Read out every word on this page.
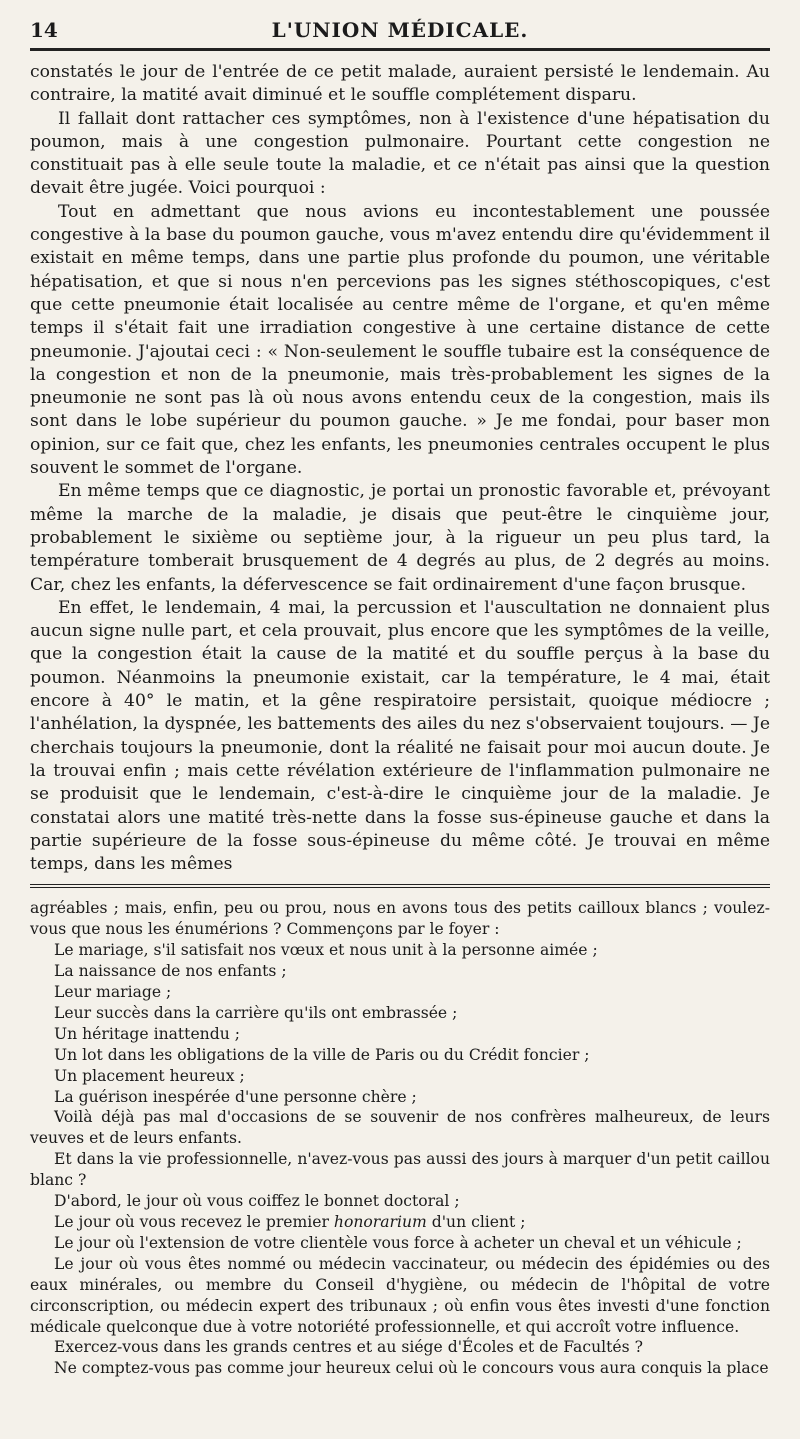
14	L'UNION MÉDICALE.

constatés le jour de l'entrée de ce petit malade, auraient persisté le lendemain. Au contraire, la matité avait diminué et le souffle complétement disparu.

Il fallait dont rattacher ces symptômes, non à l'existence d'une hépatisation du poumon, mais à une congestion pulmonaire. Pourtant cette congestion ne constituait pas à elle seule toute la maladie, et ce n'était pas ainsi que la question devait être jugée. Voici pourquoi :

Tout en admettant que nous avions eu incontestablement une poussée congestive à la base du poumon gauche, vous m'avez entendu dire qu'évidemment il existait en même temps, dans une partie plus profonde du poumon, une véritable hépatisation, et que si nous n'en percevions pas les signes stéthoscopiques, c'est que cette pneumonie était localisée au centre même de l'organe, et qu'en même temps il s'était fait une irradiation congestive à une certaine distance de cette pneumonie. J'ajoutai ceci : « Non-seulement le souffle tubaire est la conséquence de la congestion et non de la pneumonie, mais très-probablement les signes de la pneumonie ne sont pas là où nous avons entendu ceux de la congestion, mais ils sont dans le lobe supérieur du poumon gauche. » Je me fondai, pour baser mon opinion, sur ce fait que, chez les enfants, les pneumonies centrales occupent le plus souvent le sommet de l'organe.

En même temps que ce diagnostic, je portai un pronostic favorable et, prévoyant même la marche de la maladie, je disais que peut-être le cinquième jour, probablement le sixième ou septième jour, à la rigueur un peu plus tard, la température tomberait brusquement de 4 degrés au plus, de 2 degrés au moins. Car, chez les enfants, la défervescence se fait ordinairement d'une façon brusque.

En effet, le lendemain, 4 mai, la percussion et l'auscultation ne donnaient plus aucun signe nulle part, et cela prouvait, plus encore que les symptômes de la veille, que la congestion était la cause de la matité et du souffle perçus à la base du poumon. Néanmoins la pneumonie existait, car la température, le 4 mai, était encore à 40° le matin, et la gêne respiratoire persistait, quoique médiocre ; l'anhélation, la dyspnée, les battements des ailes du nez s'observaient toujours. — Je cherchais toujours la pneumonie, dont la réalité ne faisait pour moi aucun doute. Je la trouvai enfin ; mais cette révélation extérieure de l'inflammation pulmonaire ne se produisit que le lendemain, c'est-à-dire le cinquième jour de la maladie. Je constatai alors une matité très-nette dans la fosse sus-épineuse gauche et dans la partie supérieure de la fosse sous-épineuse du même côté. Je trouvai en même temps, dans les mêmes

agréables ; mais, enfin, peu ou prou, nous en avons tous des petits cailloux blancs ; voulez-vous que nous les énumérions ? Commençons par le foyer :

Le mariage, s'il satisfait nos vœux et nous unit à la personne aimée ;

La naissance de nos enfants ;

Leur mariage ;

Leur succès dans la carrière qu'ils ont embrassée ;

Un héritage inattendu ;

Un lot dans les obligations de la ville de Paris ou du Crédit foncier ;

Un placement heureux ;

La guérison inespérée d'une personne chère ;

Voilà déjà pas mal d'occasions de se souvenir de nos confrères malheureux, de leurs veuves et de leurs enfants.

Et dans la vie professionnelle, n'avez-vous pas aussi des jours à marquer d'un petit caillou blanc ?

D'abord, le jour où vous coiffez le bonnet doctoral ;

Le jour où vous recevez le premier honorarium d'un client ;

Le jour où l'extension de votre clientèle vous force à acheter un cheval et un véhicule ;

Le jour où vous êtes nommé ou médecin vaccinateur, ou médecin des épidémies ou des eaux minérales, ou membre du Conseil d'hygiène, ou médecin de l'hôpital de votre circonscription, ou médecin expert des tribunaux ; où enfin vous êtes investi d'une fonction médicale quelconque due à votre notoriété professionnelle, et qui accroît votre influence.

Exercez-vous dans les grands centres et au siége d'Écoles et de Facultés ?

Ne comptez-vous pas comme jour heureux celui où le concours vous aura conquis la place
